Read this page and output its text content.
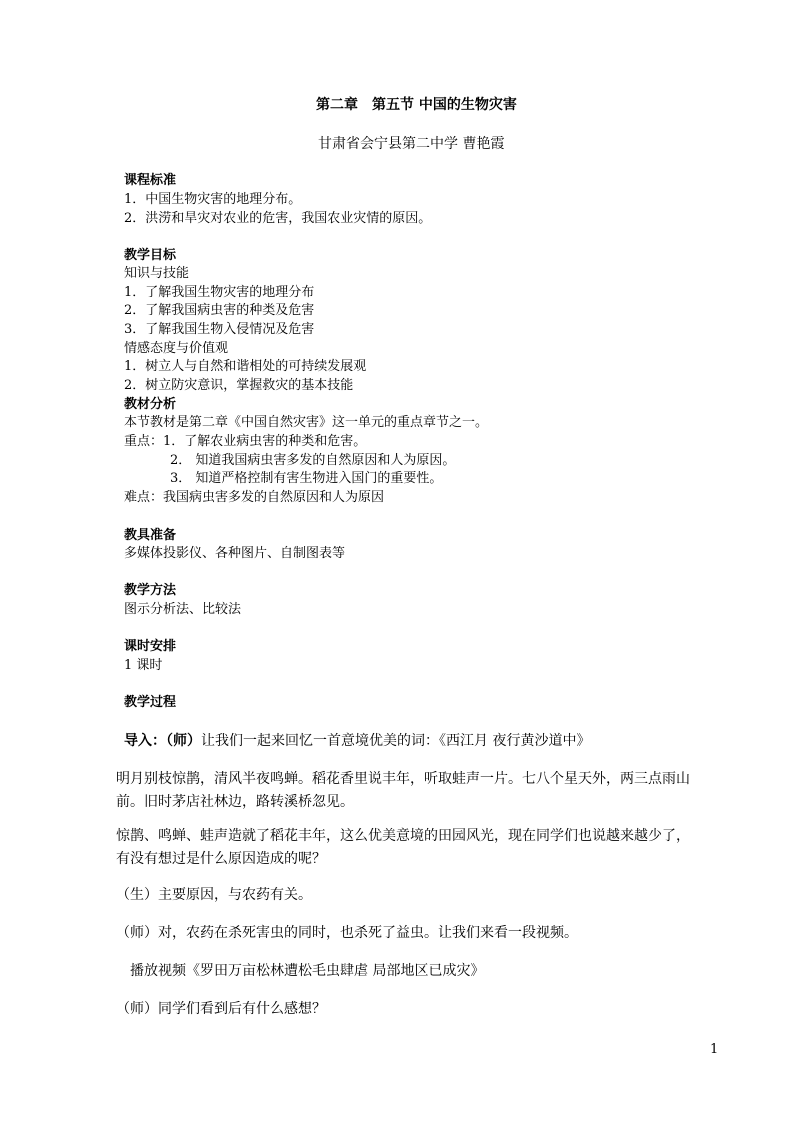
第二章　第五节 中国的生物灾害
甘肃省会宁县第二中学 曹艳霞
课程标准
1．中国生物灾害的地理分布。
2．洪涝和旱灾对农业的危害，我国农业灾情的原因。
教学目标
知识与技能
1．了解我国生物灾害的地理分布
2．了解我国病虫害的种类及危害
3．了解我国生物入侵情况及危害
情感态度与价值观
1．树立人与自然和谐相处的可持续发展观
2．树立防灾意识，掌握救灾的基本技能
教材分析
本节教材是第二章《中国自然灾害》这一单元的重点章节之一。
重点：1．了解农业病虫害的种类和危害。
2． 知道我国病虫害多发的自然原因和人为原因。
3． 知道严格控制有害生物进入国门的重要性。
难点：我国病虫害多发的自然原因和人为原因
教具准备
多媒体投影仪、各种图片、自制图表等
教学方法
图示分析法、比较法
课时安排
1 课时
教学过程
导入：（师）让我们一起来回忆一首意境优美的词：《西江月 夜行黄沙道中》
明月别枝惊鹊，清风半夜鸣蝉。稻花香里说丰年，听取蛙声一片。七八个星天外，两三点雨山
前。旧时茅店社林边，路转溪桥忽见。
惊鹊、鸣蝉、蛙声造就了稻花丰年，这么优美意境的田园风光，现在同学们也说越来越少了，
有没有想过是什么原因造成的呢？
（生）主要原因，与农药有关。
（师）对，农药在杀死害虫的同时，也杀死了益虫。让我们来看一段视频。
播放视频《罗田万亩松林遭松毛虫肆虐 局部地区已成灾》
（师）同学们看到后有什么感想？
1
